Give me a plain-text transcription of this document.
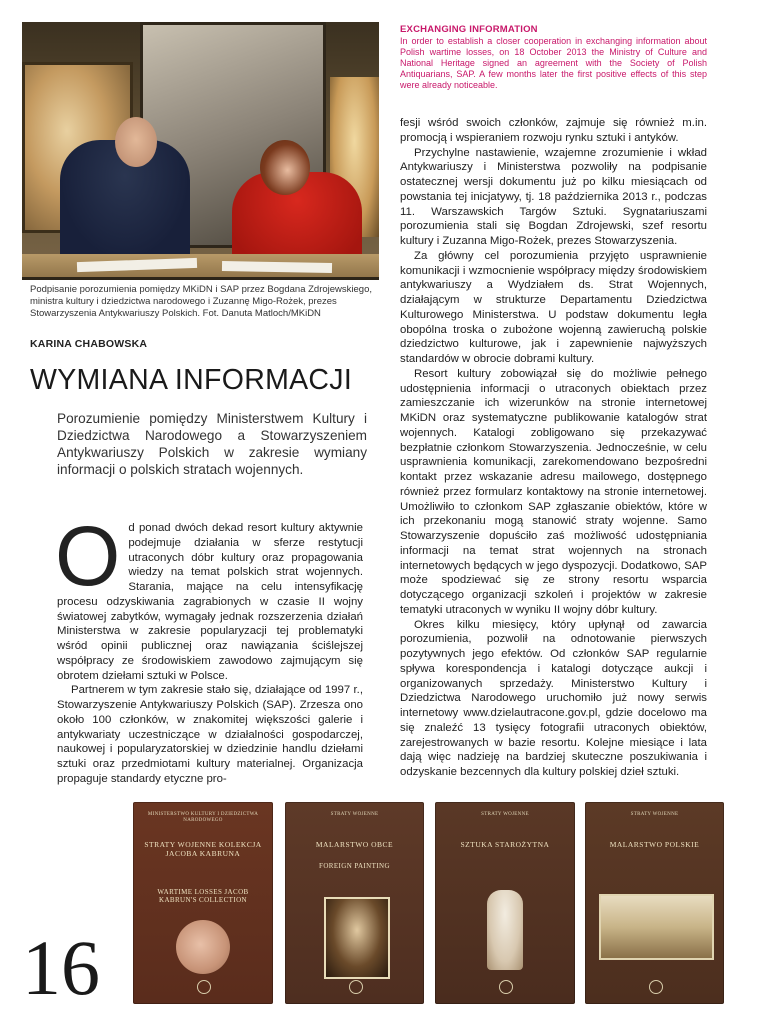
Podpisanie porozumienia pomiędzy MKiDN i SAP przez Bogdana Zdrojewskiego, ministra kultury i dziedzictwa narodowego i Zuzannę Migo-Rożek, prezes Stowarzyszenia Antykwariuszy Polskich. Fot. Danuta Matloch/MKiDN
EXCHANGING INFORMATION
In order to establish a closer cooperation in exchanging information about Polish wartime losses, on 18 October 2013 the Ministry of Culture and National Heritage signed an agreement with the Society of Polish Antiquarians, SAP. A few months later the first positive effects of this step were already noticeable.
KARINA CHABOWSKA
WYMIANA INFORMACJI
Porozumienie pomiędzy Ministerstwem Kultury i Dziedzictwa Narodowego a Stowarzyszeniem Antykwariuszy Polskich w zakresie wymiany informacji o polskich stratach wojennych.
O d ponad dwóch dekad resort kultury aktywnie podejmuje działania w sferze restytucji utraconych dóbr kultury oraz propagowania wiedzy na temat polskich strat wojennych. Starania, mające na celu intensyfikację procesu odzyskiwania zagrabionych w czasie II wojny światowej zabytków, wymagały jednak rozszerzenia działań Ministerstwa w zakresie popularyzacji tej problematyki wśród opinii publicznej oraz nawiązania ściślejszej współpracy ze środowiskiem zawodowo zajmującym się obrotem dziełami sztuki w Polsce.

Partnerem w tym zakresie stało się, działające od 1997 r., Stowarzyszenie Antykwariuszy Polskich (SAP). Zrzesza ono około 100 członków, w znakomitej większości galerie i antykwariaty uczestniczące w działalności gospodarczej, naukowej i popularyzatorskiej w dziedzinie handlu dziełami sztuki oraz przedmiotami kultury materialnej. Organizacja propaguje standardy etyczne pro-

fesji wśród swoich członków, zajmuje się również m.in. promocją i wspieraniem rozwoju rynku sztuki i antyków.

Przychylne nastawienie, wzajemne zrozumienie i wkład Antykwariuszy i Ministerstwa pozwoliły na podpisanie ostatecznej wersji dokumentu już po kilku miesiącach od powstania tej inicjatywy, tj. 18 października 2013 r., podczas 11. Warszawskich Targów Sztuki. Sygnatariuszami porozumienia stali się Bogdan Zdrojewski, szef resortu kultury i Zuzanna Migo-Rożek, prezes Stowarzyszenia.

Za główny cel porozumienia przyjęto usprawnienie komunikacji i wzmocnienie współpracy między środowiskiem antykwariuszy a Wydziałem ds. Strat Wojennych, działającym w strukturze Departamentu Dziedzictwa Kulturowego Ministerstwa. U podstaw dokumentu legła obopólna troska o zubożone wojenną zawieruchą polskie dziedzictwo kulturowe, jak i zapewnienie najwyższych standardów w obrocie dobrami kultury.

Resort kultury zobowiązał się do możliwie pełnego udostępnienia informacji o utraconych obiektach przez zamieszczanie ich wizerunków na stronie internetowej MKiDN oraz systematyczne publikowanie katalogów strat wojennych. Katalogi zobligowano się przekazywać bezpłatnie członkom Stowarzyszenia. Jednocześnie, w celu usprawnienia komunikacji, zarekomendowano bezpośredni kontakt przez wskazanie adresu mailowego, dostępnego również przez formularz kontaktowy na stronie internetowej. Umożliwiło to członkom SAP zgłaszanie obiektów, które w ich przekonaniu mogą stanowić straty wojenne. Samo Stowarzyszenie dopuściło zaś możliwość udostępniania informacji na temat strat wojennych na stronach internetowych będących w jego dyspozycji. Dodatkowo, SAP może spodziewać się ze strony resortu wsparcia dotyczącego organizacji szkoleń i projektów w zakresie tematyki utraconych w wyniku II wojny dóbr kultury.

Okres kilku miesięcy, który upłynął od zawarcia porozumienia, pozwolił na odnotowanie pierwszych pozytywnych jego efektów. Od członków SAP regularnie spływa korespondencja i katalogi dotyczące aukcji i organizowanych sprzedaży. Ministerstwo Kultury i Dziedzictwa Narodowego uruchomiło już nowy serwis internetowy www.dzielautracone.gov.pl, gdzie docelowo ma się znaleźć 13 tysięcy fotografii utraconych obiektów, zarejestrowanych w bazie resortu. Kolejne miesiące i lata dają więc nadzieję na bardziej skuteczne poszukiwania i odzyskanie bezcennych dla kultury polskiej dzieł sztuki.

MINISTERSTWO KULTURY I DZIEDZICTWA NARODOWEGO
STRATY WOJENNE KOLEKCJA JACOBA KABRUNA
WARTIME LOSSES JACOB KABRUN'S COLLECTION
STRATY WOJENNE
MALARSTWO OBCE
FOREIGN PAINTING
STRATY WOJENNE
SZTUKA STAROŻYTNA
STRATY WOJENNE
MALARSTWO POLSKIE
16
